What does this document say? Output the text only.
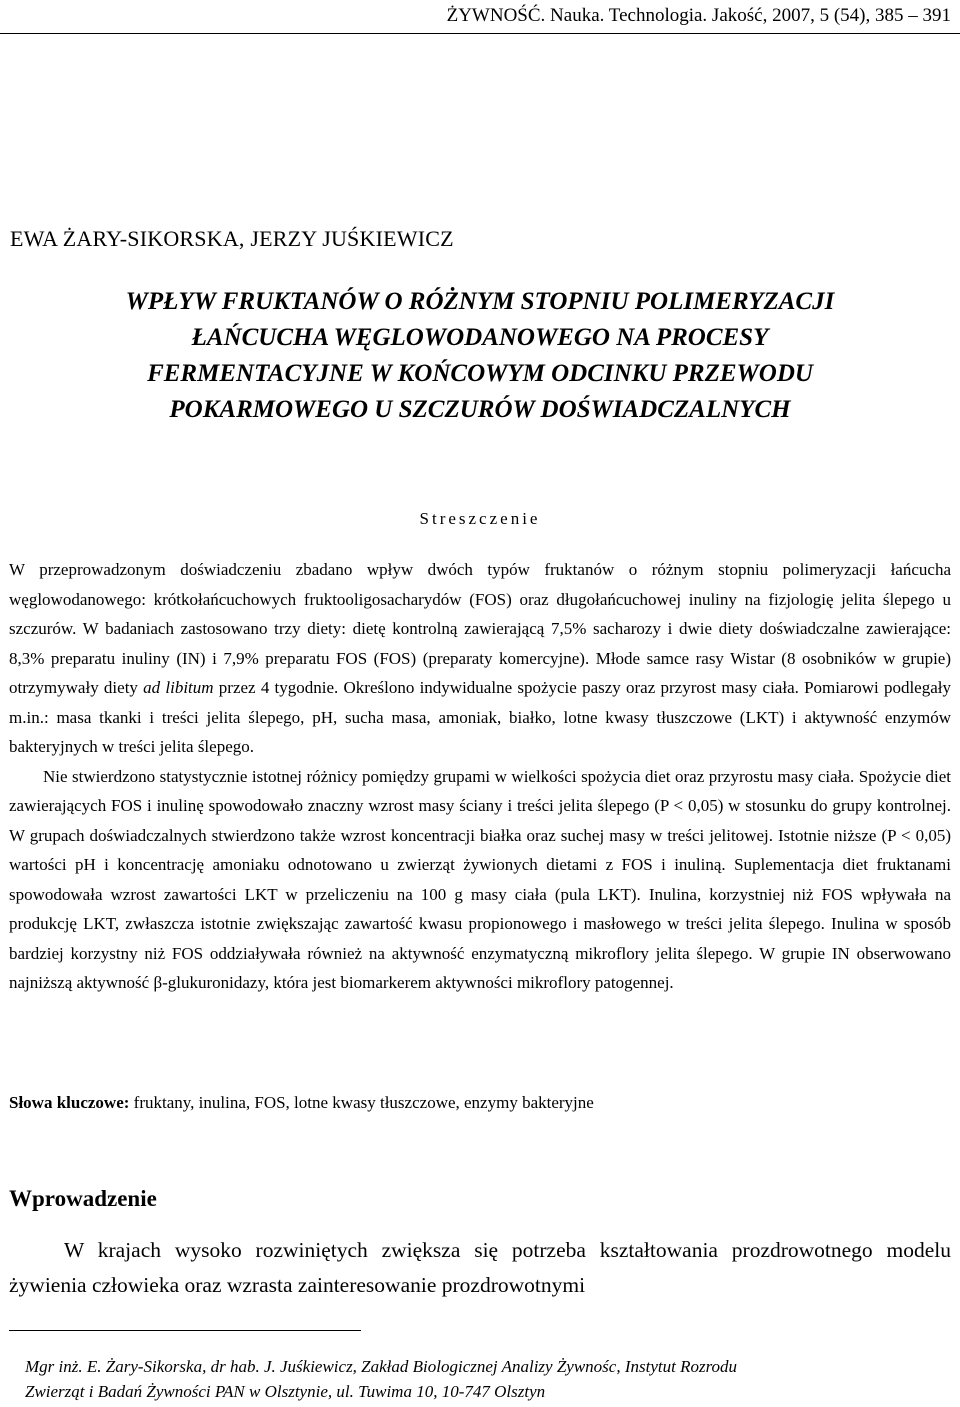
ŻYWNOŚĆ. Nauka. Technologia. Jakość, 2007, 5 (54), 385 – 391
EWA ŻARY-SIKORSKA, JERZY JUŚKIEWICZ
WPŁYW FRUKTANÓW O RÓŻNYM STOPNIU POLIMERYZACJI
ŁAŃCUCHA WĘGLOWODANOWEGO NA PROCESY
FERMENTACYJNE W KOŃCOWYM ODCINKU PRZEWODU
POKARMOWEGO U SZCZURÓW DOŚWIADCZALNYCH
Streszczenie

W przeprowadzonym doświadczeniu zbadano wpływ dwóch typów fruktanów o różnym stopniu polimeryzacji łańcucha węglowodanowego: krótkołańcuchowych fruktooligosacharydów (FOS) oraz długołańcuchowej inuliny na fizjologię jelita ślepego u szczurów. W badaniach zastosowano trzy diety: dietę kontrolną zawierającą 7,5% sacharozy i dwie diety doświadczalne zawierające: 8,3% preparatu inuliny (IN) i 7,9% preparatu FOS (FOS) (preparaty komercyjne). Młode samce rasy Wistar (8 osobników w grupie) otrzymywały diety ad libitum przez 4 tygodnie. Określono indywidualne spożycie paszy oraz przyrost masy ciała. Pomiarowi podlegały m.in.: masa tkanki i treści jelita ślepego, pH, sucha masa, amoniak, białko, lotne kwasy tłuszczowe (LKT) i aktywność enzymów bakteryjnych w treści jelita ślepego.

Nie stwierdzono statystycznie istotnej różnicy pomiędzy grupami w wielkości spożycia diet oraz przyrostu masy ciała. Spożycie diet zawierających FOS i inulinę spowodowało znaczny wzrost masy ściany i treści jelita ślepego (P < 0,05) w stosunku do grupy kontrolnej. W grupach doświadczalnych stwierdzono także wzrost koncentracji białka oraz suchej masy w treści jelitowej. Istotnie niższe (P < 0,05) wartości pH i koncentrację amoniaku odnotowano u zwierząt żywionych dietami z FOS i inuliną. Suplementacja diet fruktanami spowodowała wzrost zawartości LKT w przeliczeniu na 100 g masy ciała (pula LKT). Inulina, korzystniej niż FOS wpływała na produkcję LKT, zwłaszcza istotnie zwiększając zawartość kwasu propionowego i masłowego w treści jelita ślepego. Inulina w sposób bardziej korzystny niż FOS oddziaływała również na aktywność enzymatyczną mikroflory jelita ślepego. W grupie IN obserwowano najniższą aktywność β-glukuronidazy, która jest biomarkerem aktywności mikroflory patogennej.

Słowa kluczowe: fruktany, inulina, FOS, lotne kwasy tłuszczowe, enzymy bakteryjne
Wprowadzenie

W krajach wysoko rozwiniętych zwiększa się potrzeba kształtowania prozdrowotnego modelu żywienia człowieka oraz wzrasta zainteresowanie prozdrowotnymi

Mgr inż. E. Żary-Sikorska, dr hab. J. Juśkiewicz, Zakład Biologicznej Analizy Żywnośc, Instytut Rozrodu
Zwierząt i Badań Żywności PAN w Olsztynie, ul. Tuwima 10, 10-747 Olsztyn
